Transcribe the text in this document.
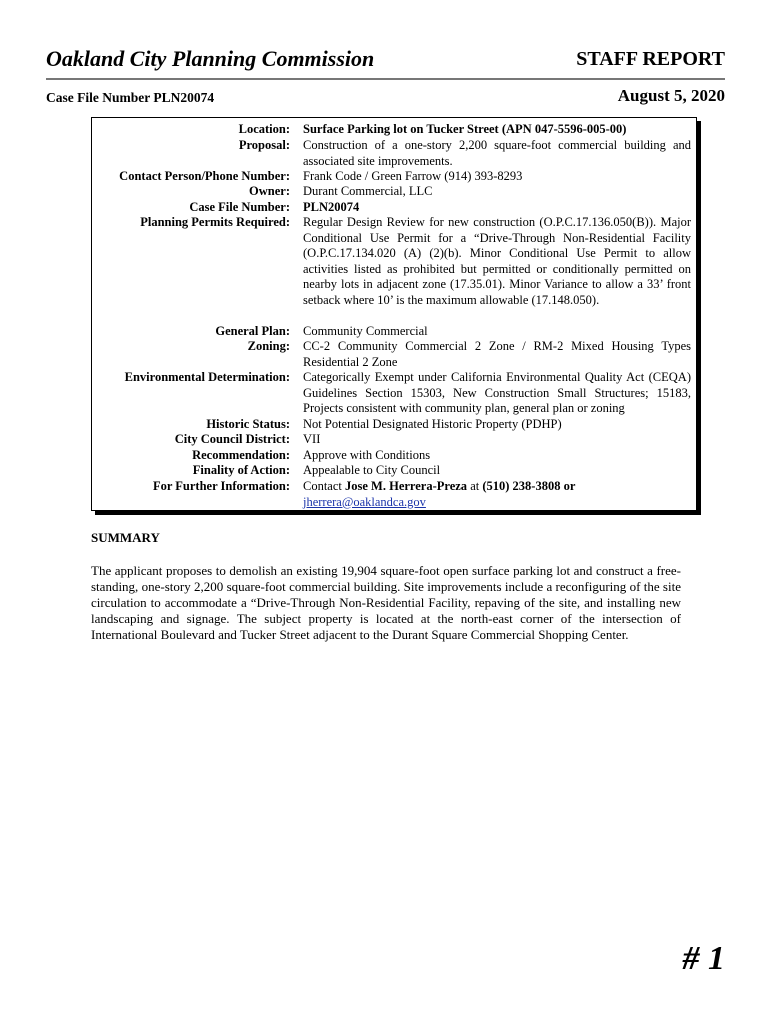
Oakland City Planning Commission	STAFF REPORT
Case File Number PLN20074	August 5, 2020
Location: Surface Parking lot on Tucker Street (APN 047-5596-005-00)
Proposal: Construction of a one-story 2,200 square-foot commercial building and associated site improvements.
Contact Person/Phone Number: Frank Code / Green Farrow (914) 393-8293
Owner: Durant Commercial, LLC
Case File Number: PLN20074
Planning Permits Required: Regular Design Review for new construction (O.P.C.17.136.050(B)). Major Conditional Use Permit for a “Drive-Through Non-Residential Facility (O.P.C.17.134.020 (A) (2)(b). Minor Conditional Use Permit to allow activities listed as prohibited but permitted or conditionally permitted on nearby lots in adjacent zone (17.35.01). Minor Variance to allow a 33’ front setback where 10’ is the maximum allowable (17.148.050).
General Plan: Community Commercial
Zoning: CC-2 Community Commercial 2 Zone / RM-2 Mixed Housing Types Residential 2 Zone
Environmental Determination: Categorically Exempt under California Environmental Quality Act (CEQA) Guidelines Section 15303, New Construction Small Structures; 15183, Projects consistent with community plan, general plan or zoning
Historic Status: Not Potential Designated Historic Property (PDHP)
City Council District: VII
Recommendation: Approve with Conditions
Finality of Action: Appealable to City Council
For Further Information: Contact Jose M. Herrera-Preza at (510) 238-3808 or
jherrera@oaklandca.gov
SUMMARY
The applicant proposes to demolish an existing 19,904 square-foot open surface parking lot and construct a free-standing, one-story 2,200 square-foot commercial building. Site improvements include a reconfiguring of the site circulation to accommodate a “Drive-Through Non-Residential Facility, repaving of the site, and installing new landscaping and signage. The subject property is located at the north-east corner of the intersection of International Boulevard and Tucker Street adjacent to the Durant Square Commercial Shopping Center.
# 1
